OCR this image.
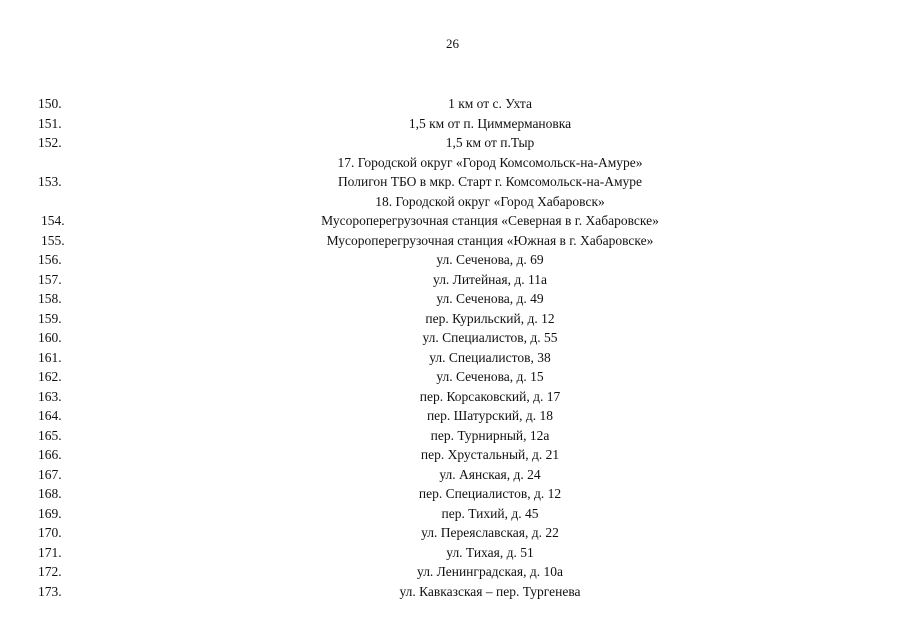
26
150.	1 км от с. Ухта
151.	1,5 км от п. Циммермановка
152.	1,5 км от п.Тыр
17. Городской округ «Город Комсомольск-на-Амуре»
153.	Полигон ТБО в мкр. Старт г. Комсомольск-на-Амуре
18. Городской округ «Город Хабаровск»
154.	Мусороперегрузочная станция «Северная в г. Хабаровске»
155.	Мусороперегрузочная станция «Южная в г. Хабаровске»
156.	ул. Сеченова, д. 69
157.	ул. Литейная, д. 11а
158.	ул. Сеченова, д. 49
159.	пер. Курильский, д. 12
160.	ул. Специалистов, д. 55
161.	ул. Специалистов, 38
162.	ул. Сеченова, д. 15
163.	пер. Корсаковский, д. 17
164.	пер. Шатурский, д. 18
165.	пер. Турнирный, 12а
166.	пер. Хрустальный, д. 21
167.	ул. Аянская, д. 24
168.	пер. Специалистов, д. 12
169.	пер. Тихий, д. 45
170.	ул. Переяславская, д. 22
171.	ул. Тихая, д. 51
172.	ул. Ленинградская, д. 10а
173.	ул. Кавказская – пер. Тургенева
